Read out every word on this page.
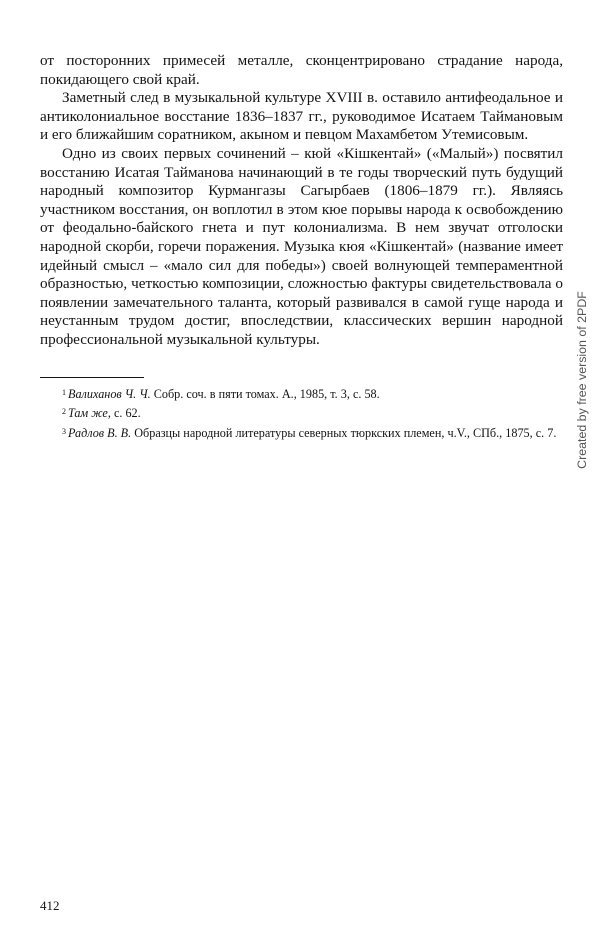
от посторонних примесей металле, сконцентрировано страдание народа, покидающего свой край.

Заметный след в музыкальной культуре XVIII в. оставило антифеодальное и антиколониальное восстание 1836–1837 гг., руководимое Исатаем Таймановым и его ближайшим соратником, акыном и певцом Махамбетом Утемисовым.

Одно из своих первых сочинений – кюй «Кішкентай» («Малый») посвятил восстанию Исатая Тайманова начинающий в те годы творческий путь будущий народный композитор Курмангазы Сагырбаев (1806–1879 гг.). Являясь участником восстания, он воплотил в этом кюе порывы народа к освобождению от феодально-байского гнета и пут колониализма. В нем звучат отголоски народной скорби, горечи поражения. Музыка кюя «Кішкентай» (название имеет идейный смысл – «мало сил для победы») своей волнующей темпераментной образностью, четкостью композиции, сложностью фактуры свидетельствовала о появлении замечательного таланта, который развивался в самой гуще народа и неустанным трудом достиг, впоследствии, классических вершин народной профессиональной музыкальной культуры.

$^1$ Валиханов Ч. Ч. Собр. соч. в пяти томах. А., 1985, т. 3, с. 58.

$^2$ Там же, с. 62.

$^3$ Радлов В. В. Образцы народной литературы северных тюркских племен, ч.V., СПб., 1875, с. 7.	Created by free version of 2PDF
412
